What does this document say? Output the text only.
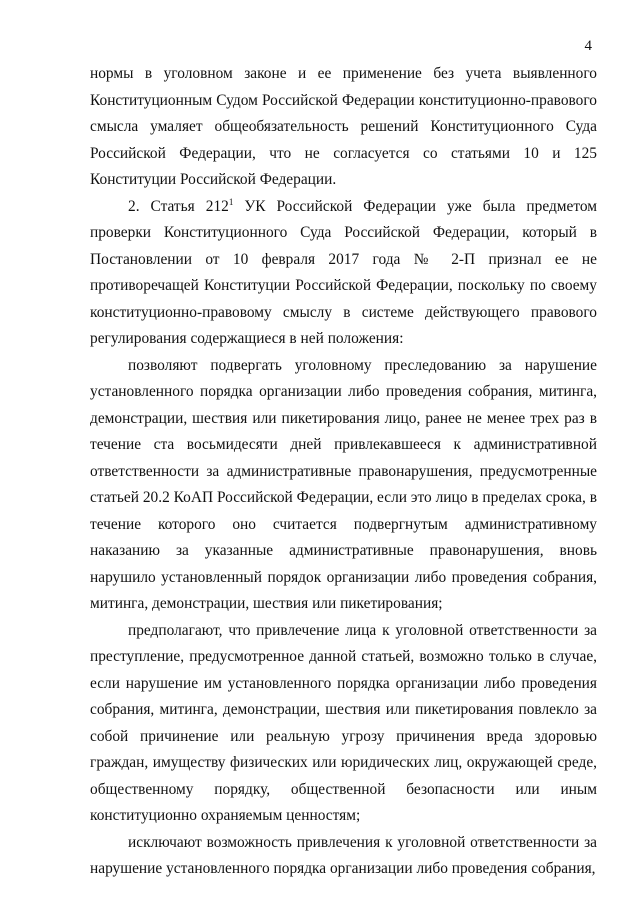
4

нормы в уголовном законе и ее применение без учета выявленного Конституционным Судом Российской Федерации конституционно-правового смысла умаляет общеобязательность решений Конституционного Суда Российской Федерации, что не согласуется со статьями 10 и 125 Конституции Российской Федерации.

2. Статья $212^1$ УК Российской Федерации уже была предметом проверки Конституционного Суда Российской Федерации, который в Постановлении от 10 февраля 2017 года № 2-П признал ее не противоречащей Конституции Российской Федерации, поскольку по своему конституционно-правовому смыслу в системе действующего правового регулирования содержащиеся в ней положения:

позволяют подвергать уголовному преследованию за нарушение установленного порядка организации либо проведения собрания, митинга, демонстрации, шествия или пикетирования лицо, ранее не менее трех раз в течение ста восьмидесяти дней привлекавшееся к административной ответственности за административные правонарушения, предусмотренные статьей 20.2 КоАП Российской Федерации, если это лицо в пределах срока, в течение которого оно считается подвергнутым административному наказанию за указанные административные правонарушения, вновь нарушило установленный порядок организации либо проведения собрания, митинга, демонстрации, шествия или пикетирования;

предполагают, что привлечение лица к уголовной ответственности за преступление, предусмотренное данной статьей, возможно только в случае, если нарушение им установленного порядка организации либо проведения собрания, митинга, демонстрации, шествия или пикетирования повлекло за собой причинение или реальную угрозу причинения вреда здоровью граждан, имуществу физических или юридических лиц, окружающей среде, общественному порядку, общественной безопасности или иным конституционно охраняемым ценностям;

исключают возможность привлечения к уголовной ответственности за нарушение установленного порядка организации либо проведения собрания,
